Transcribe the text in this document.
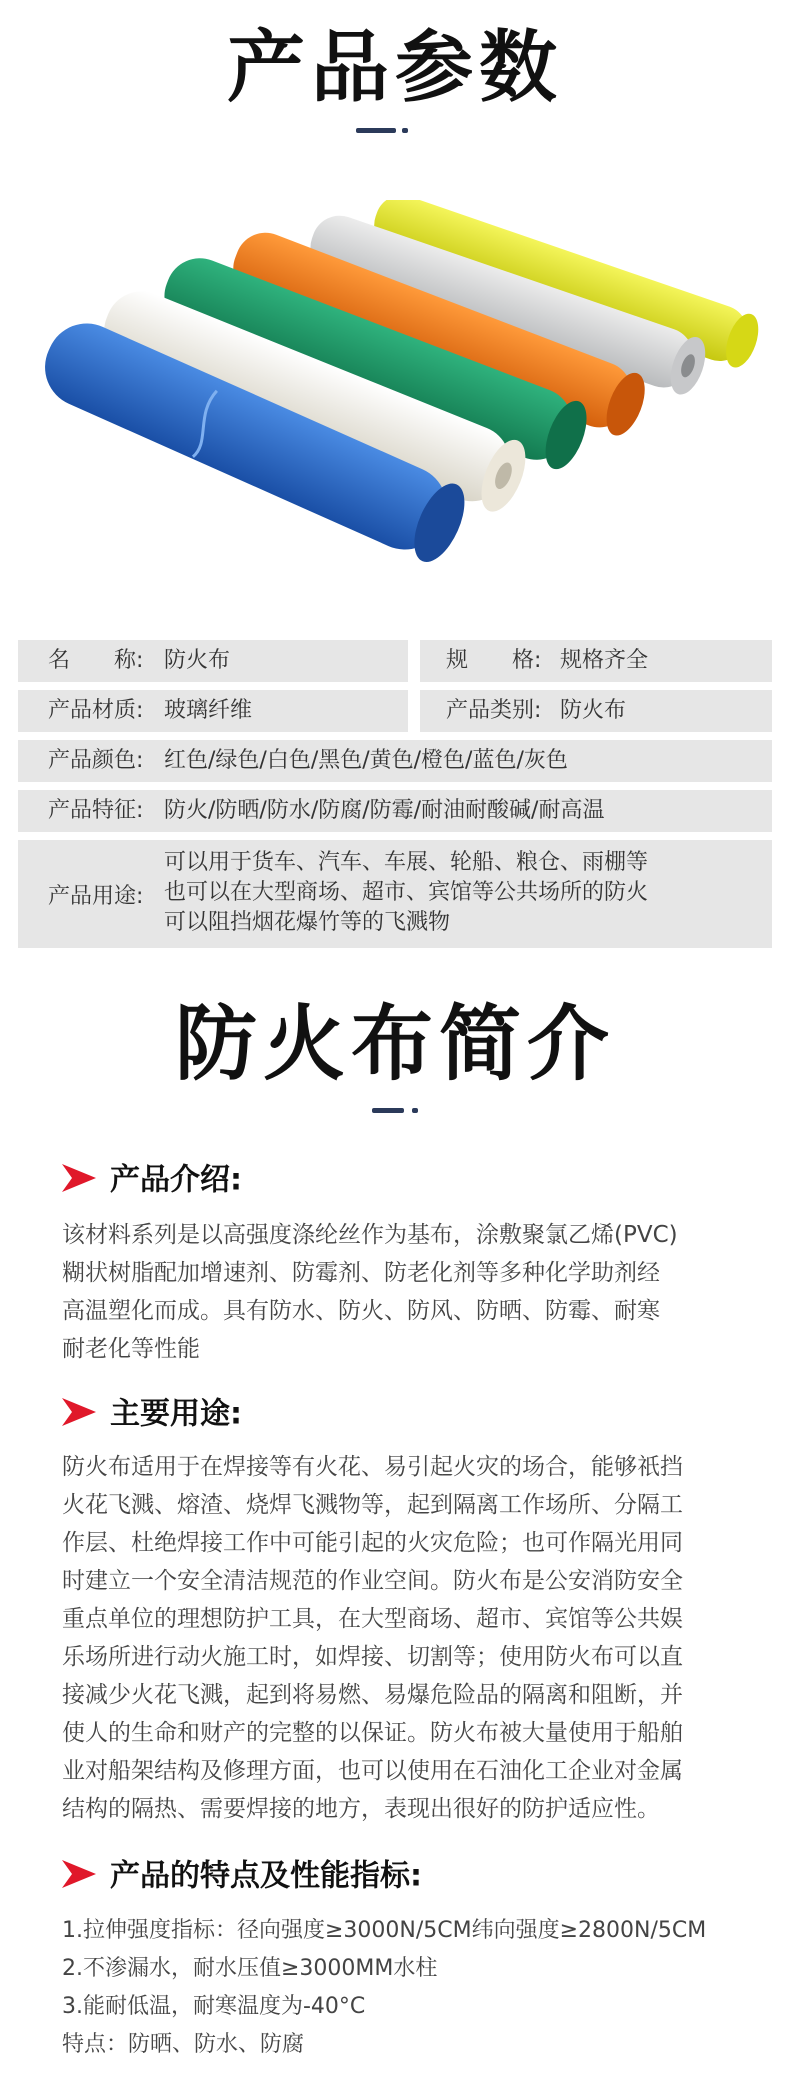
产品参数
名　　称: 防火布	规　　格: 规格齐全
产品材质: 玻璃纤维	产品类别: 防火布
产品颜色: 红色/绿色/白色/黑色/黄色/橙色/蓝色/灰色
产品特征: 防火/防晒/防水/防腐/防霉/耐油耐酸碱/耐高温
产品用途:
可以用于货车、汽车、车展、轮船、粮仓、雨棚等
也可以在大型商场、超市、宾馆等公共场所的防火
可以阻挡烟花爆竹等的飞溅物
防火布简介
产品介绍:
该材料系列是以高强度涤纶丝作为基布，涂敷聚氯乙烯(PVC)
糊状树脂配加增速剂、防霉剂、防老化剂等多种化学助剂经
高温塑化而成。具有防水、防火、防风、防晒、防霉、耐寒
耐老化等性能
主要用途:
防火布适用于在焊接等有火花、易引起火灾的场合，能够祇挡
火花飞溅、熔渣、烧焊飞溅物等，起到隔离工作场所、分隔工
作层、杜绝焊接工作中可能引起的火灾危险；也可作隔光用同
时建立一个安全清洁规范的作业空间。防火布是公安消防安全
重点单位的理想防护工具，在大型商场、超市、宾馆等公共娱
乐场所进行动火施工时，如焊接、切割等；使用防火布可以直
接减少火花飞溅，起到将易燃、易爆危险品的隔离和阻断，并
使人的生命和财产的完整的以保证。防火布被大量使用于船舶
业对船架结构及修理方面，也可以使用在石油化工企业对金属
结构的隔热、需要焊接的地方，表现出很好的防护适应性。
产品的特点及性能指标:
1.拉伸强度指标：径向强度≥3000N/5CM纬向强度≥2800N/5CM
2.不渗漏水，耐水压值≥3000MM水柱
3.能耐低温，耐寒温度为-40°C
特点：防晒、防水、防腐
